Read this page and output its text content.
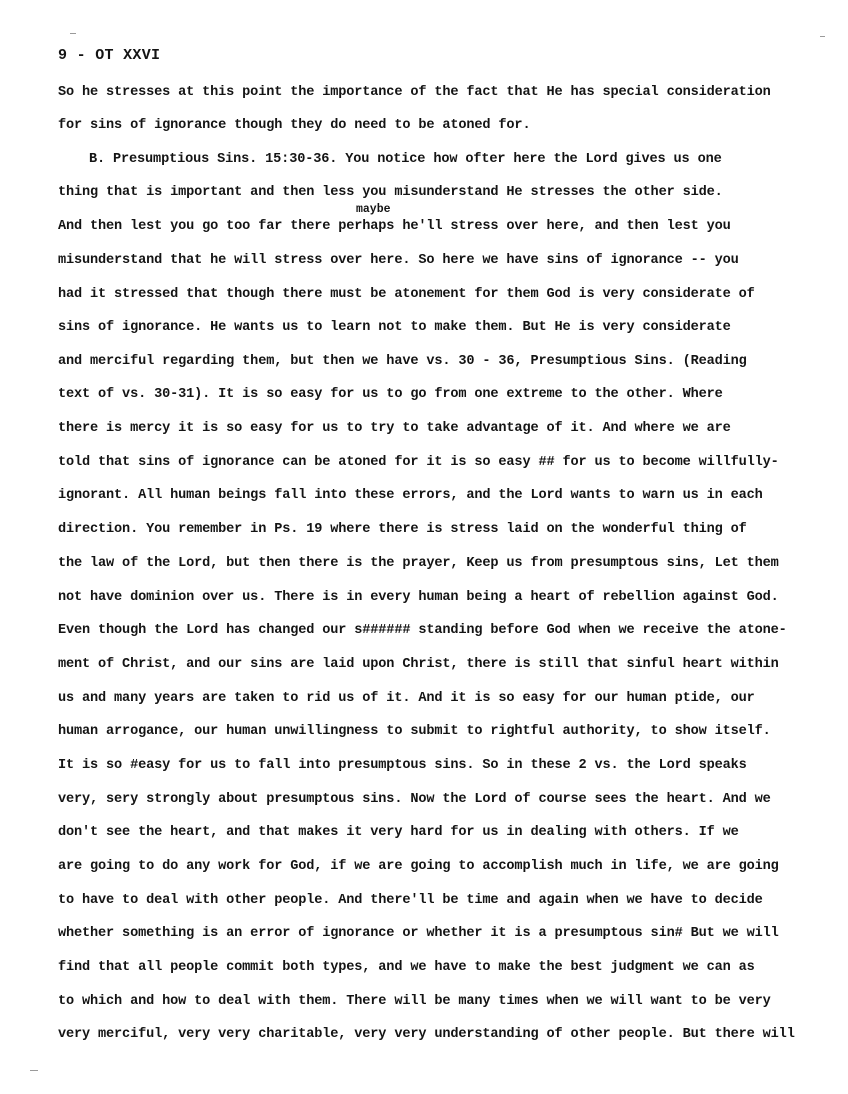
9 - OT XXVI
maybe
So he stresses at this point the importance of the fact that He has special consideration
for sins of ignorance though they do need to be atoned for.
B. Presumptious Sins. 15:30-36. You notice how ofter here the Lord gives us one
thing that is important and then less you misunderstand He stresses the other side.
And then lest you go too far there perhaps he'll stress over here, and then lest you
misunderstand that he will stress over here. So here we have sins of ignorance -- you
had it stressed that though there must be atonement for them God is very considerate of
sins of ignorance. He wants us to learn not to make them. But He is very considerate
and merciful regarding them, but then we have vs. 30 - 36, Presumptious Sins. (Reading
text of vs. 30-31). It is so easy for us to go from one extreme to the other. Where
there is mercy it is so easy for us to try to take advantage of it. And where we are
told that sins of ignorance can be atoned for it is so easy ## for us to become willfully-
ignorant. All human beings fall into these errors, and the Lord wants to warn us in each
direction. You remember in Ps. 19 where there is stress laid on the wonderful thing of
the law of the Lord, but then there is the prayer, Keep us from presumptous sins, Let them
not have dominion over us. There is in every human being a heart of rebellion against God.
Even though the Lord has changed our s###### standing before God when we receive the atone-
ment of Christ, and our sins are laid upon Christ, there is still that sinful heart within
us and many years are taken to rid us of it. And it is so easy for our human ptide, our
human arrogance, our human unwillingness to submit to rightful authority, to show itself.
It is so #easy for us to fall into presumptous sins. So in these 2 vs. the Lord speaks
very, sery strongly about presumptous sins. Now the Lord of course sees the heart. And we
don't see the heart, and that makes it very hard for us in dealing with others. If we
are going to do any work for God, if we are going to accomplish much in life, we are going
to have to deal with other people. And there'll be time and again when we have to decide
whether something is an error of ignorance or whether it is a presumptous sin# But we will
find that all people commit both types, and we have to make the best judgment we can as
to which and how to deal with them. There will be many times when we will want to be very
very merciful, very very charitable, very very understanding of other people. But there will
